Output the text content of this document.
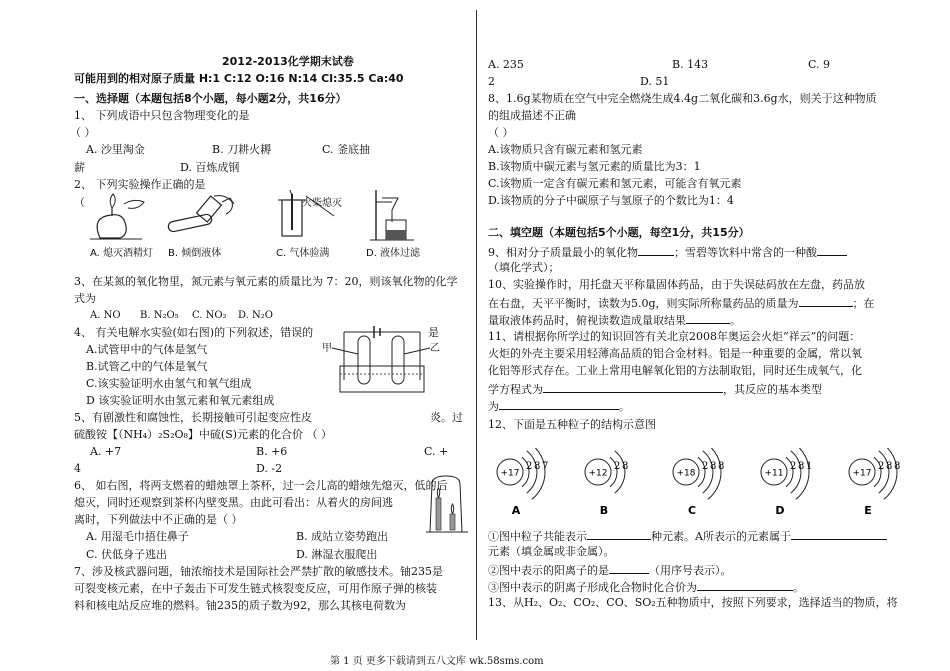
2012-2013化学期末试卷
可能用到的相对原子质量 H:1 C:12 O:16 N:14 Cl:35.5 Ca:40
一、选择题（本题包括8个小题，每小题2分，共16分）
1、 下列成语中只包含物理变化的是
（ ）
A. 沙里淘金	B. 刀耕火耨	C. 釜底抽
薪	D. 百炼成钢
2、 下列实验操作正确的是
（	火柴熄灭
A. 熄灭酒精灯 B. 倾倒液体	C. 气体验满	D. 液体过滤
3、在某氮的氧化物里，氮元素与氧元素的质量比为 7：20，则该氧化物的化学
式为
A. NO B. N₂O₅ C. NO₂ D. N₂O
4、 有关电解水实验(如右图)的下列叙述，错误的	是
A.试管甲中的气体是氢气
B.试管乙中的气体是氧气
C.该实验证明水由氢气和氧气组成
D 该实验证明水由氢元素和氧元素组成
甲	乙
5、有剧激性和腐蚀性，长期接触可引起变应性皮	炎。过
硫酸铵【（NH₄）₂S₂O₈】中硫(S)元素的化合价 （ ）
A. +7	B. +6	C. +
4	D. -2
6、 如右图，将两支燃着的蜡烛罩上茶杯，过一会儿高的蜡烛先熄灭，低的后
熄灭，同时还观察到茶杯内壁变黑。由此可看出：从着火的房间逃
离时，下列做法中不正确的是（ ）
A. 用湿毛巾捂住鼻子	B. 成站立姿势跑出
C. 伏低身子逃出	D. 淋湿衣服爬出
7、涉及核武器问题，铀浓缩技术是国际社会严禁扩散的敏感技术。铀235是
可裂变核元素，在中子轰击下可发生链式核裂变反应，可用作原子弹的核装
料和核电站反应堆的燃料。铀235的质子数为92，那么其核电荷数为
A. 235	B. 143	C. 9
2	D. 51
8、1.6g某物质在空气中完全燃烧生成4.4g二氧化碳和3.6g水，则关于这种物质
的组成描述不正确
（ ）
A.该物质只含有碳元素和氢元素
B.该物质中碳元素与氢元素的质量比为3：1
C.该物质一定含有碳元素和氢元素，可能含有氧元素
D.该物质的分子中碳原子与氢原子的个数比为1：4
二、填空题（本题包括5个小题，每空1分，共15分）
9、相对分子质量最小的氧化物	；雪碧等饮料中常含的一种酸
（填化学式）；
10、实验操作时，用托盘天平称量固体药品，由于失误砝码放在左盘，药品放
在右盘，天平平衡时，读数为5.0g，则实际所称量药品的质量为	；在
量取液体药品时，俯视读数造成量取结果	。
11、请根据你所学过的知识回答有关北京2008年奥运会火炬“祥云”的问题：
火炬的外壳主要采用轻薄高品质的铝合金材料。铝是一种重要的金属，常以氧
化铝等形式存在。工业上常用电解氧化铝的方法制取铝，同时还生成氧气，化
学方程式为	，其反应的基本类型
为	。
12、下面是五种粒子的结构示意图
+17
2 8 7
A
+12
2 8
B
+18
2 8 8
C
+11
2 8 1
D
+17
2 8 8
E
①图中粒子共能表示	种元素。A所表示的元素属于
元素（填金属或非金属）。
②图中表示的阳离子的是	（用序号表示）。
③图中表示的阴离子形成化合物时化合价为	。
13、从H₂、O₂、CO₂、CO、SO₂五种物质中，按照下列要求，选择适当的物质，将
第 1 页 更多下载请到五八文库 wk.58sms.com
